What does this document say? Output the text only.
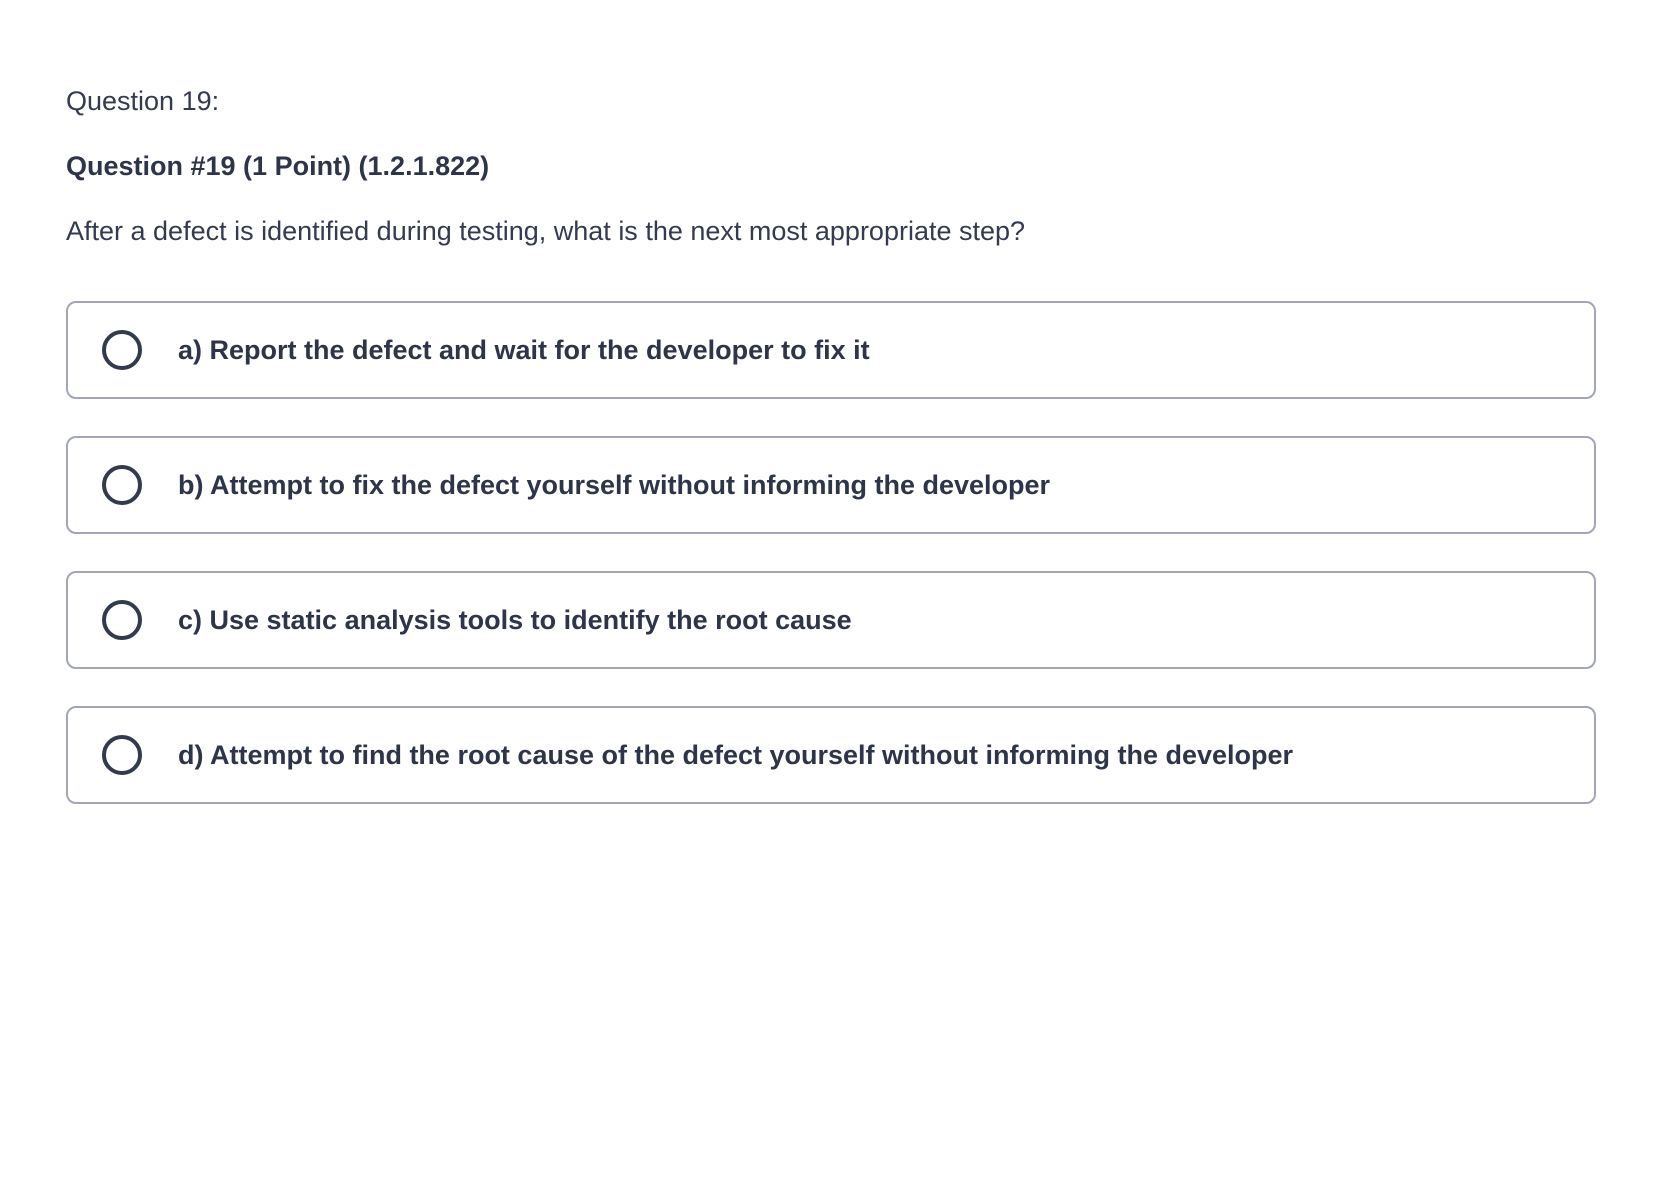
Question 19:

Question #19 (1 Point) (1.2.1.822)

After a defect is identified during testing, what is the next most appropriate step?

a) Report the defect and wait for the developer to fix it
b) Attempt to fix the defect yourself without informing the developer
c) Use static analysis tools to identify the root cause
d) Attempt to find the root cause of the defect yourself without informing the developer
